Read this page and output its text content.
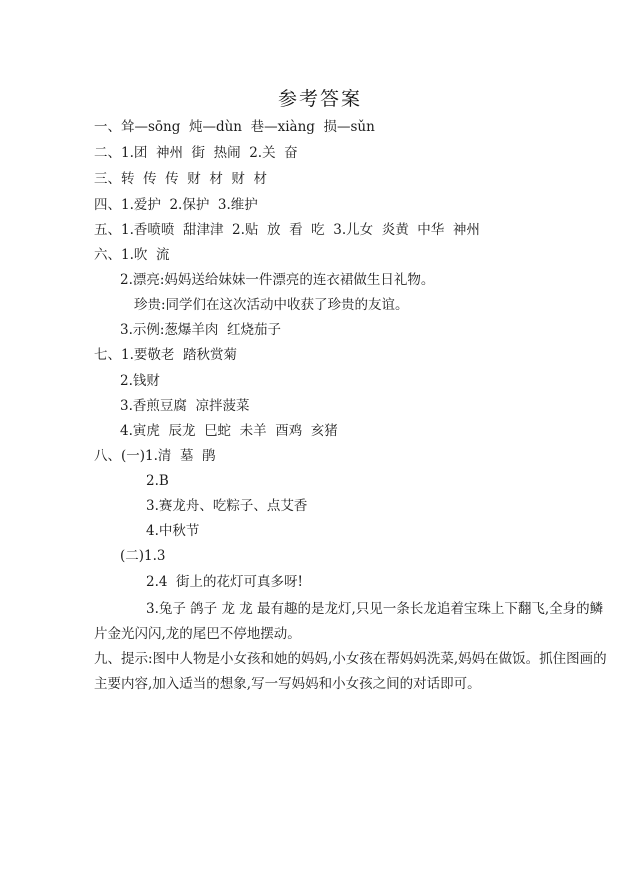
参考答案
一、耸—sōng  炖—dùn  巷—xiàng  损—sǔn
二、1.团  神州  街  热闹  2.关  奋
三、转  传  传  财  材  财  材
四、1.爱护  2.保护  3.维护
五、1.香喷喷  甜津津  2.贴  放  看  吃  3.儿女  炎黄  中华  神州
六、1.吹  流
2.漂亮:妈妈送给妹妹一件漂亮的连衣裙做生日礼物。
珍贵:同学们在这次活动中收获了珍贵的友谊。
3.示例:葱爆羊肉  红烧茄子
七、1.要敬老  踏秋赏菊
2.钱财
3.香煎豆腐  凉拌菠菜
4.寅虎  辰龙  巳蛇  未羊  酉鸡  亥猪
八、(一)1.清  墓  鹃
2.B
3.赛龙舟、吃粽子、点艾香
4.中秋节
(二)1.3
2.4  街上的花灯可真多呀!
3.兔子 鸽子 龙 龙 最有趣的是龙灯,只见一条长龙追着宝珠上下翻飞,全身的鳞片金光闪闪,龙的尾巴不停地摆动。
九、提示:图中人物是小女孩和她的妈妈,小女孩在帮妈妈洗菜,妈妈在做饭。抓住图画的主要内容,加入适当的想象,写一写妈妈和小女孩之间的对话即可。
